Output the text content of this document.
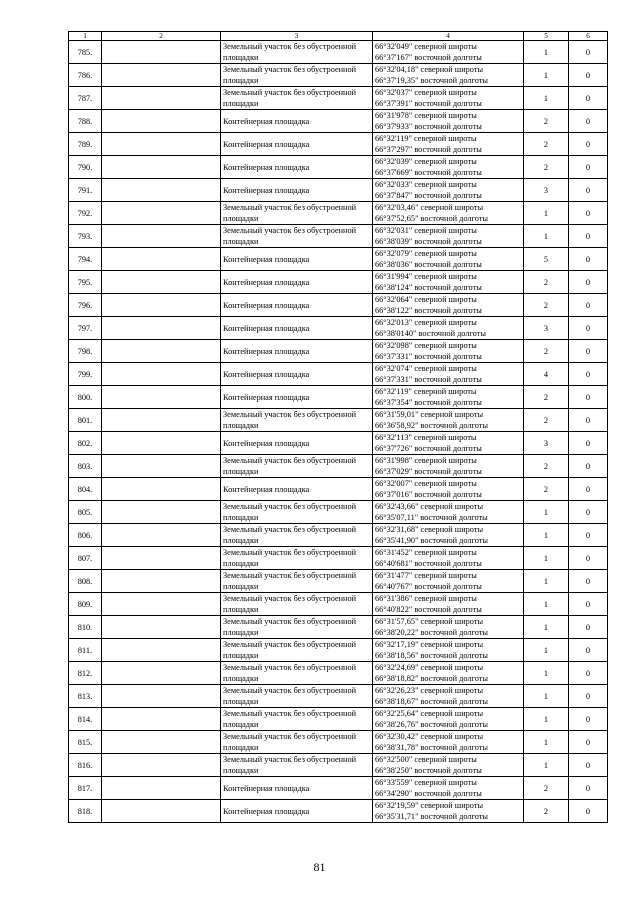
1	2	3	4	5	6
785.		Земельный участок без обустроенной площадки	66°32'049" северной широты
66°37'167" восточной долготы	1	0
786.		Земельный участок без обустроенной площадки	66°32'04,18" северной широты
66°37'19,35" восточной долготы	1	0
787.		Земельный участок без обустроенной площадки	66°32'037" северной широты
66°37'391" восточной долготы	1	0
788.		Контейнерная площадка	66°31'978" северной широты
66°37'933" восточной долготы	2	0
789.		Контейнерная площадка	66°32'119" северной широты
66°37'297" восточной долготы	2	0
790.		Контейнерная площадка	66°32'039" северной широты
66°37'669" восточной долготы	2	0
791.		Контейнерная площадка	66°32'033" северной широты
66°37'847" восточной долготы	3	0
792.		Земельный участок без обустроенной площадки	66°32'03,46" северной широты
66°37'52,65" восточной долготы	1	0
793.		Земельный участок без обустроенной площадки	66°32'031" северной широты
66°38'039" восточной долготы	1	0
794.		Контейнерная площадка	66°32'079" северной широты
66°38'036" восточной долготы	5	0
795.		Контейнерная площадка	66°31'994" северной широты
66°38'124" восточной долготы	2	0
796.		Контейнерная площадка	66°32'064" северной широты
66°38'122" восточной долготы	2	0
797.		Контейнерная площадка	66°32'013" северной широты
66°38'0140" восточной долготы	3	0
798.		Контейнерная площадка	66°32'098" северной широты
66°37'331" восточной долготы	2	0
799.		Контейнерная площадка	66°32'074" северной широты
66°37'331" восточной долготы	4	0
800.		Контейнерная площадка	66°32'119" северной широты
66°37'354" восточной долготы	2	0
801.		Земельный участок без обустроенной площадки	66°31'59,01" северной широты
66°36'58,92" восточной долготы	2	0
802.		Контейнерная площадка	66°32'113" северной широты
66°37'726" восточной долготы	3	0
803.		Земельный участок без обустроенной площадки	66°31'998" северной широты
66°37'029" восточной долготы	2	0
804.		Контейнерная площадка	66°32'007" северной широты
66°37'016" восточной долготы	2	0
805.		Земельный участок без обустроенной площадки	66°32'43,66" северной широты
66°35'07,11" восточной долготы	1	0
806.		Земельный участок без обустроенной площадки	66°32'31,68" северной широты
66°35'41,90" восточной долготы	1	0
807.		Земельный участок без обустроенной площадки	66°31'452" северной широты
66°40'681" восточной долготы	1	0
808.		Земельный участок без обустроенной площадки	66°31'477" северной широты
66°40'767" восточной долготы	1	0
809.		Земельный участок без обустроенной площадки	66°31'386" северной широты
66°40'822" восточной долготы	1	0
810.		Земельный участок без обустроенной площадки	66°31'57,65" северной широты
66°38'20,22" восточной долготы	1	0
811.		Земельный участок без обустроенной площадки	66°32'17,19" северной широты
66°38'18,56" восточной долготы	1	0
812.		Земельный участок без обустроенной площадки	66°32'24,69" северной широты
66°38'18,82" восточной долготы	1	0
813.		Земельный участок без обустроенной площадки	66°32'26,23" северной широты
66°38'18,67" восточной долготы	1	0
814.		Земельный участок без обустроенной площадки	66°32'25,64" северной широты
66°38'26,76" восточной долготы	1	0
815.		Земельный участок без обустроенной площадки	66°32'30,42" северной широты
66°38'31,78" восточной долготы	1	0
816.		Земельный участок без обустроенной площадки	66°32'500" северной широты
66°38'250" восточной долготы	1	0
817.		Контейнерная площадка	66°33'559" северной широты
66°34'290" восточной долготы	2	0
818.		Контейнерная площадка	66°32'19,59" северной широты
66°35'31,71" восточной долготы	2	0
81
